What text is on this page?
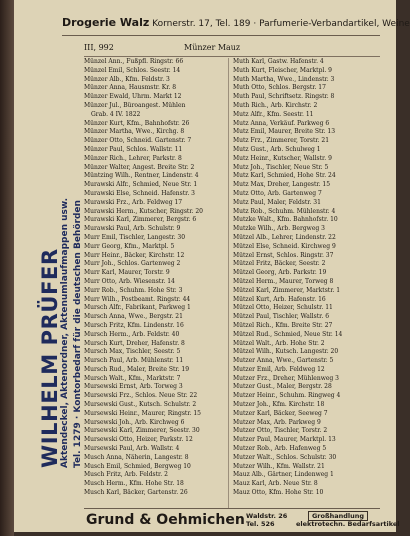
Drogerie Walz Kornerstr. 17, Tel. 189 · Parfumerie-Verbandartikel, Weine
WILHELM PRÜFER
Aktendeckel, Aktenordner, Aktenumlaufmappen usw. Tel. 1279 · Kontorbedarf für die deutschen Behörden
III, 992	Münzer Mauz
Münzel Ann., Fußpfl. Ringstr. 66
Münzel Emil, Schlos. Seestr. 14
Münzer Alb., Kfm. Feldstr. 3
Münzer Anna, Hausmstr. Kr. 8
Münzer Ewald, Uhrm. Markt 12
Münzer Jul., Büroangest. Mühlen
Grab. 4 IV. 1822
Münzer Kurt, Kfm., Bahnhofstr. 26
Münzer Martha, Wwe., Kirchg. 8
Münzer Otto, Schneid. Gartenstr. 7
Münzer Paul, Schlos. Wallstr. 11
Münzer Rich., Lehrer, Parkstr. 8
Münzer Walter, Angest. Breite Str. 2
Müntzing Wilh., Rentner, Lindenstr. 4
Murawski Alfr., Schmied, Neue Str. 1
Murawski Else, Schneid. Hafenstr. 3
Murawski Frz., Arb. Feldweg 17
Murawski Herm., Kutscher, Ringstr. 20
Murawski Karl, Zimmerer, Bergstr. 6
Murawski Paul, Arb. Schulstr. 9
Murr Emil, Tischler, Langestr. 30
Murr Georg, Kfm., Marktpl. 5
Murr Heinr., Bäcker, Kirchstr. 12
Murr Joh., Schlos. Gartenweg 2
Murr Karl, Maurer, Torstr. 9
Murr Otto, Arb. Wiesenstr. 14
Murr Rob., Schuhm. Hohe Str. 3
Murr Wilh., Postbeamt. Ringstr. 44
Mursch Alfr., Fabrikant, Parkweg 1
Mursch Anna, Wwe., Bergstr. 21
Mursch Fritz, Kfm. Lindenstr. 16
Mursch Herm., Arb. Feldstr. 40
Mursch Kurt, Dreher, Hafenstr. 8
Mursch Max, Tischler, Seestr. 5
Mursch Paul, Arb. Mühlenstr. 11
Mursch Rud., Maler, Breite Str. 19
Mursch Walt., Kfm., Marktstr. 7
Mursewski Ernst, Arb. Torweg 3
Mursewski Frz., Schlos. Neue Str. 22
Mursewski Gust., Kutsch. Schulstr. 2
Mursewski Heinr., Maurer, Ringstr. 15
Mursewski Joh., Arb. Kirchweg 6
Mursewski Karl, Zimmerer, Seestr. 30
Mursewski Otto, Heizer, Parkstr. 12
Mursewski Paul, Arb. Wallstr. 4
Musch Anna, Näherin, Langestr. 8
Musch Emil, Schmied, Bergweg 10
Musch Fritz, Arb. Feldstr. 2
Musch Herm., Kfm. Hohe Str. 18
Musch Karl, Bäcker, Gartenstr. 26
Muth Karl, Gastw. Hafenstr. 4
Muth Kurt, Fleischer, Marktpl. 9
Muth Martha, Wwe., Lindenstr. 3
Muth Otto, Schlos. Bergstr. 17
Muth Paul, Schriftsetz. Ringstr. 8
Muth Rich., Arb. Kirchstr. 2
Mutz Alfr., Kfm. Seestr. 11
Mutz Anna, Verkäuf. Parkweg 6
Mutz Emil, Maurer, Breite Str. 13
Mutz Frz., Zimmerer, Torstr. 21
Mutz Gust., Arb. Schulweg 1
Mutz Heinr., Kutscher, Wallstr. 9
Mutz Joh., Tischler, Neue Str. 5
Mutz Karl, Schmied, Hohe Str. 24
Mutz Max, Dreher, Langestr. 15
Mutz Otto, Arb. Gartenweg 7
Mutz Paul, Maler, Feldstr. 31
Mutz Rob., Schuhm. Mühlenstr. 4
Mutzke Walt., Kfm. Bahnhofstr. 10
Mutzke Wilh., Arb. Bergweg 3
Mützel Alb., Lehrer, Lindenstr. 22
Mützel Else, Schneid. Kirchweg 9
Mützel Ernst, Schlos. Ringstr. 37
Mützel Fritz, Bäcker, Seestr. 2
Mützel Georg, Arb. Parkstr. 19
Mützel Herm., Maurer, Torweg 8
Mützel Karl, Zimmerer, Marktstr. 1
Mützel Kurt, Arb. Hafenstr. 16
Mützel Otto, Heizer, Schulstr. 11
Mützel Paul, Tischler, Wallstr. 6
Mützel Rich., Kfm. Breite Str. 27
Mützel Rud., Schmied, Neue Str. 14
Mützel Walt., Arb. Hohe Str. 2
Mützel Wilh., Kutsch. Langestr. 20
Mutzer Anna, Wwe., Gartenstr. 5
Mutzer Emil, Arb. Feldweg 12
Mutzer Frz., Dreher, Mühlenweg 3
Mutzer Gust., Maler, Bergstr. 28
Mutzer Heinr., Schuhm. Ringweg 4
Mutzer Joh., Kfm. Kirchstr. 18
Mutzer Karl, Bäcker, Seeweg 7
Mutzer Max, Arb. Parkweg 9
Mutzer Otto, Tischler, Torstr. 2
Mutzer Paul, Maurer, Marktpl. 13
Mutzer Rob., Arb. Hafenweg 5
Mutzer Walt., Schlos. Schulstr. 30
Mutzer Wilh., Kfm. Wallstr. 21
Mauz Alb., Gärtner, Lindenweg 1
Mauz Karl, Arb. Neue Str. 8
Mauz Otto, Kfm. Hohe Str. 10
Grund & Oehmichen Waldstr. 26
Tel. 526
Großhandlung
elektrotechn. Bedarfsartikel
